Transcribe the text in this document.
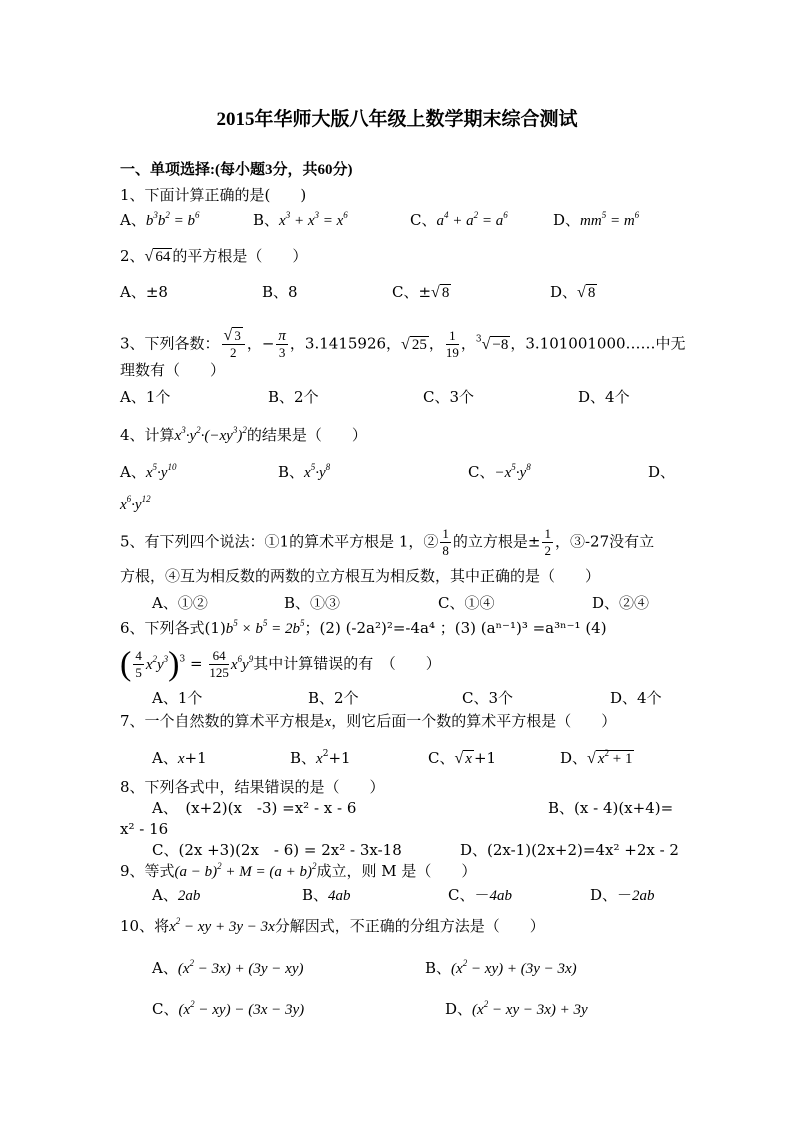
2015年华师大版八年级上数学期末综合测试
一、单项选择:(每小题3分，共60分)
1、下面计算正确的是(　　)
A、$b^3b^2 = b^6$	B、$x^3 + x^3 = x^6$	C、$a^4 + a^2 = a^6$	D、$mm^5 = m^6$
2、√ 64 的平方根是（　　）
A、±8	B、8	C、±√ 8	D、√ 8
3、下列各数： $\frac{√ 3}{2}$ ，− $\frac{\pi}{3}$ ，3.1415926，√ 25 ， $\frac{1}{19}$ ，$^3$√ −8 ，3.101001000……中无
理数有（　　）
A、1个	B、2个	C、3个	D、4个
4、计算$x^3\cdot y^2\cdot(-xy^3)^2$的结果是（　　）
A、$x^5\cdot y^{10}$	B、$x^5\cdot y^8$	C、$-x^5\cdot y^8$	D、
$x^6\cdot y^{12}$
5、有下列四个说法：①1的算术平方根是 1，② $\frac{1}{8}$ 的立方根是± $\frac{1}{2}$ ，③-27没有立
方根，④互为相反数的两数的立方根互为相反数，其中正确的是（　　）
A、①②	B、①③	C、①④	D、②④
6、下列各式$(1)b^5 \times b^5 = 2b^5$；(2) (-2a²)²=-4a⁴ ；(3) (aⁿ⁻¹)³ =a³ⁿ⁻¹ (4)
( $\frac{4}{5} x^2y^3)^3 = \frac{64}{125} x^6y^9$其中计算错误的有　（　　）
A、1个	B、2个	C、3个	D、4个
7、一个自然数的算术平方根是x，则它后面一个数的算术平方根是（　　）
A、x+1	B、$x^2+1$	C、√ x +1	D、√ $x^2 + 1$
8、下列各式中，结果错误的是（　　）
A、　(x+2)(x　-3) =x² - x - 6	B、(x - 4)(x+4)=
x² - 16
C、(2x +3)(2x　- 6) = 2x² - 3x-18	D、(2x-1)(2x+2)=4x² +2x - 2
9、等式$(a - b)^2 + M = (a + b)^2$成立，则 M 是（　　）
A、2ab	B、4ab	C、－4ab	D、－2ab
10、将$x^2$ − xy + 3y − 3x分解因式，不正确的分组方法是（　　）
A、$(x^2 - 3x) + (3y - xy)$	B、$(x^2 - xy) + (3y - 3x)$
C、$(x^2 - xy) - (3x - 3y)$	D、($x^2$ − xy − 3x) + 3y
